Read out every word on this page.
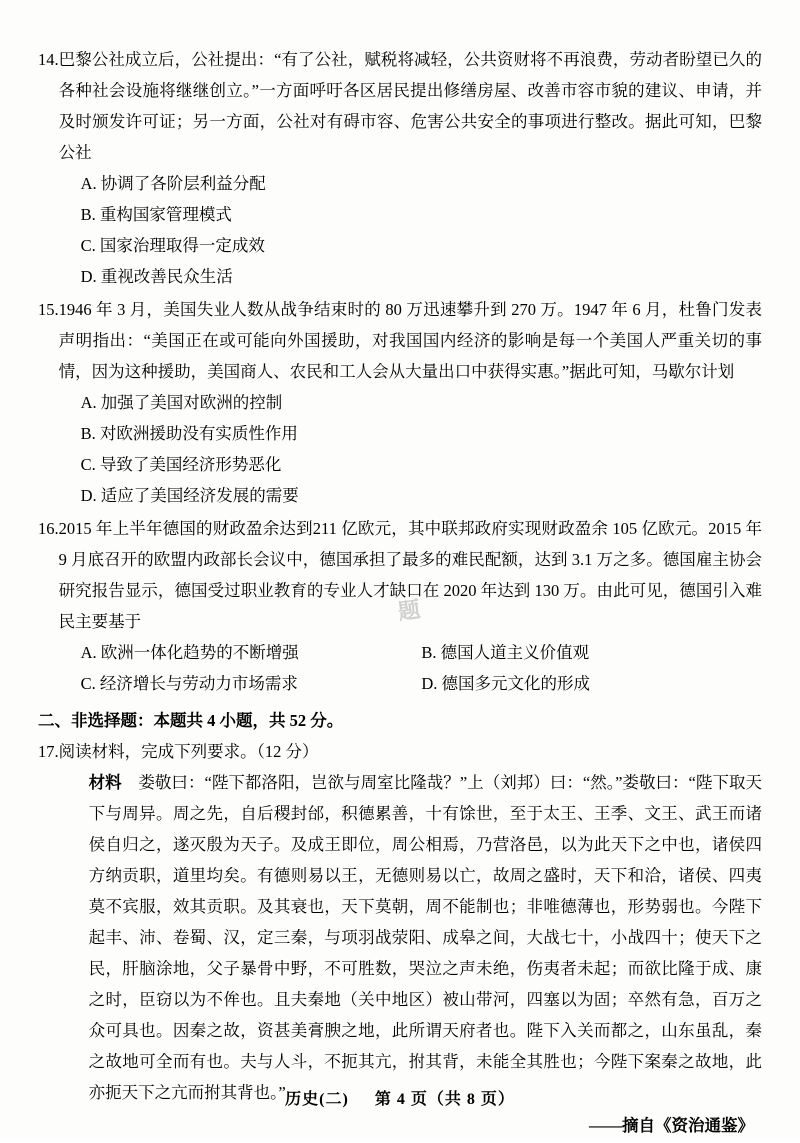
14. 巴黎公社成立后，公社提出：“有了公社，赋税将减轻，公共资财将不再浪费，劳动者盼望已久的各种社会设施将继继创立。”一方面呼吁各区居民提出修缮房屋、改善市容市貌的建议、申请，并及时颁发许可证；另一方面，公社对有碍市容、危害公共安全的事项进行整改。据此可知，巴黎公社
A. 协调了各阶层利益分配
B. 重构国家管理模式
C. 国家治理取得一定成效
D. 重视改善民众生活
15. 1946 年 3 月，美国失业人数从战争结束时的 80 万迅速攀升到 270 万。1947 年 6 月，杜鲁门发表声明指出：“美国正在或可能向外国援助，对我国国内经济的影响是每一个美国人严重关切的事情，因为这种援助，美国商人、农民和工人会从大量出口中获得实惠。”据此可知，马歇尔计划
A. 加强了美国对欧洲的控制
B. 对欧洲援助没有实质性作用
C. 导致了美国经济形势恶化
D. 适应了美国经济发展的需要
16. 2015 年上半年德国的财政盈余达到211 亿欧元，其中联邦政府实现财政盈余 105 亿欧元。2015 年 9 月底召开的欧盟内政部长会议中，德国承担了最多的难民配额，达到 3.1 万之多。德国雇主协会研究报告显示，德国受过职业教育的专业人才缺口在 2020 年达到 130 万。由此可见，德国引入难民主要基于
A. 欧洲一体化趋势的不断增强	B. 德国人道主义价值观
C. 经济增长与劳动力市场需求	D. 德国多元文化的形成
二、非选择题：本题共 4 小题，共 52 分。
17. 阅读材料，完成下列要求。（12 分）
材料 娄敬曰：“陛下都洛阳，岂欲与周室比隆哉？”上（刘邦）曰：“然。”娄敬曰：“陛下取天下与周异。周之先，自后稷封邰，积德累善，十有馀世，至于太王、王季、文王、武王而诸侯自归之，遂灭殷为天子。及成王即位，周公相焉，乃营洛邑，以为此天下之中也，诸侯四方纳贡职，道里均矣。有德则易以王，无德则易以亡，故周之盛时，天下和洽，诸侯、四夷莫不宾服，效其贡职。及其衰也，天下莫朝，周不能制也；非唯德薄也，形势弱也。今陛下起丰、沛、卷蜀、汉，定三秦，与项羽战荥阳、成皋之间，大战七十，小战四十；使天下之民，肝脑涂地，父子暴骨中野，不可胜数，哭泣之声未绝，伤夷者未起；而欲比隆于成、康之时，臣窃以为不侔也。且夫秦地（关中地区）被山带河，四塞以为固；卒然有急，百万之众可具也。因秦之故，资甚美膏腴之地，此所谓天府者也。陛下入关而都之，山东虽乱，秦之故地可全而有也。夫与人斗，不扼其亢，拊其背，未能全其胜也；今陛下案秦之故地，此亦扼天下之亢而拊其背也。”
——摘自《资治通鉴》
题
历史(二) 第 4 页（共 8 页）
